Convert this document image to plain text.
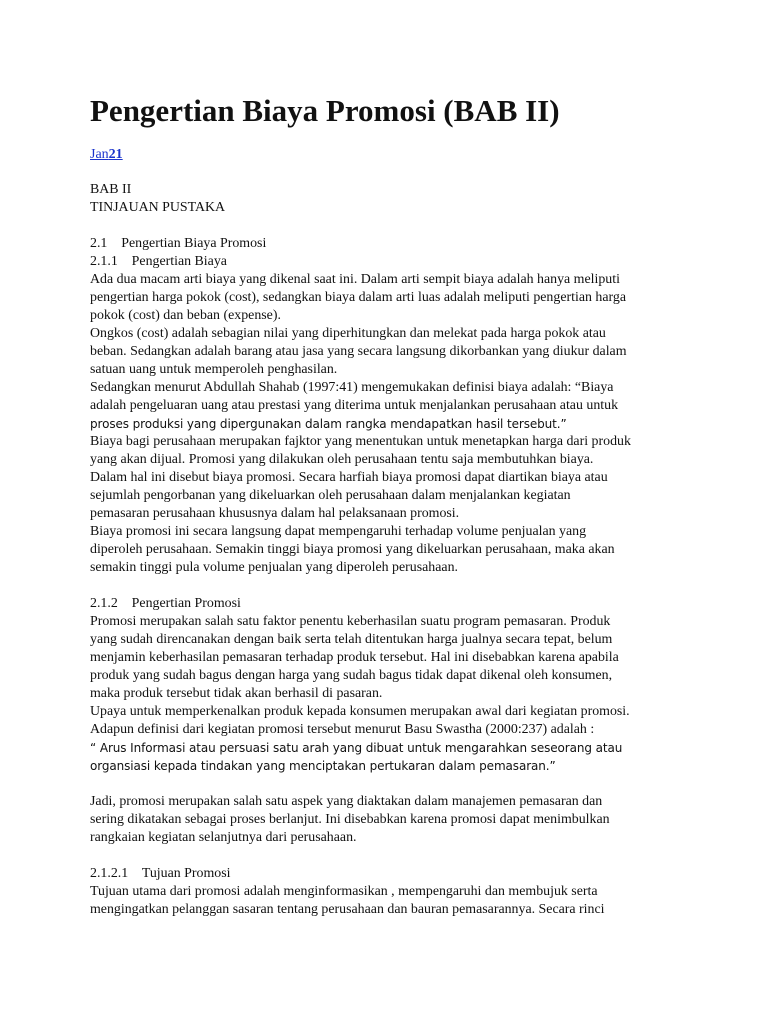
Pengertian Biaya Promosi (BAB II)
Jan21
BAB II
TINJAUAN PUSTAKA
2.1    Pengertian Biaya Promosi
2.1.1    Pengertian Biaya
Ada dua macam arti biaya yang dikenal saat ini. Dalam arti sempit biaya adalah hanya meliputi
pengertian harga pokok (cost), sedangkan biaya dalam arti luas adalah meliputi pengertian harga
pokok (cost) dan beban (expense).
Ongkos (cost) adalah sebagian nilai yang diperhitungkan dan melekat pada harga pokok atau
beban. Sedangkan adalah barang atau jasa yang secara langsung dikorbankan yang diukur dalam
satuan uang untuk memperoleh penghasilan.
Sedangkan menurut Abdullah Shahab (1997:41) mengemukakan definisi biaya adalah: “Biaya
adalah pengeluaran uang atau prestasi yang diterima untuk menjalankan perusahaan atau untuk
proses produksi yang dipergunakan dalam rangka mendapatkan hasil tersebut.”
Biaya bagi perusahaan merupakan fajktor yang menentukan untuk menetapkan harga dari produk
yang akan dijual. Promosi yang dilakukan oleh perusahaan tentu saja membutuhkan biaya.
Dalam hal ini disebut biaya promosi. Secara harfiah biaya promosi dapat diartikan biaya atau
sejumlah pengorbanan yang dikeluarkan oleh perusahaan dalam menjalankan kegiatan
pemasaran perusahaan khususnya dalam hal pelaksanaan promosi.
Biaya promosi ini secara langsung dapat mempengaruhi terhadap volume penjualan yang
diperoleh perusahaan. Semakin tinggi biaya promosi yang dikeluarkan perusahaan, maka akan
semakin tinggi pula volume penjualan yang diperoleh perusahaan.
2.1.2    Pengertian Promosi
Promosi merupakan salah satu faktor penentu keberhasilan suatu program pemasaran. Produk
yang sudah direncanakan dengan baik serta telah ditentukan harga jualnya secara tepat, belum
menjamin keberhasilan pemasaran terhadap produk tersebut. Hal ini disebabkan karena apabila
produk yang sudah bagus dengan harga yang sudah bagus tidak dapat dikenal oleh konsumen,
maka produk tersebut tidak akan berhasil di pasaran.
Upaya untuk memperkenalkan produk kepada konsumen merupakan awal dari kegiatan promosi.
Adapun definisi dari kegiatan promosi tersebut menurut Basu Swastha (2000:237) adalah :
“ Arus Informasi atau persuasi satu arah yang dibuat untuk mengarahkan seseorang atau
organsiasi kepada tindakan yang menciptakan pertukaran dalam pemasaran.”
Jadi, promosi merupakan salah satu aspek yang diaktakan dalam manajemen pemasaran dan
sering dikatakan sebagai proses berlanjut. Ini disebabkan karena promosi dapat menimbulkan
rangkaian kegiatan selanjutnya dari perusahaan.
2.1.2.1    Tujuan Promosi
Tujuan utama dari promosi adalah menginformasikan , mempengaruhi dan membujuk serta
mengingatkan pelanggan sasaran tentang perusahaan dan bauran pemasarannya. Secara rinci
